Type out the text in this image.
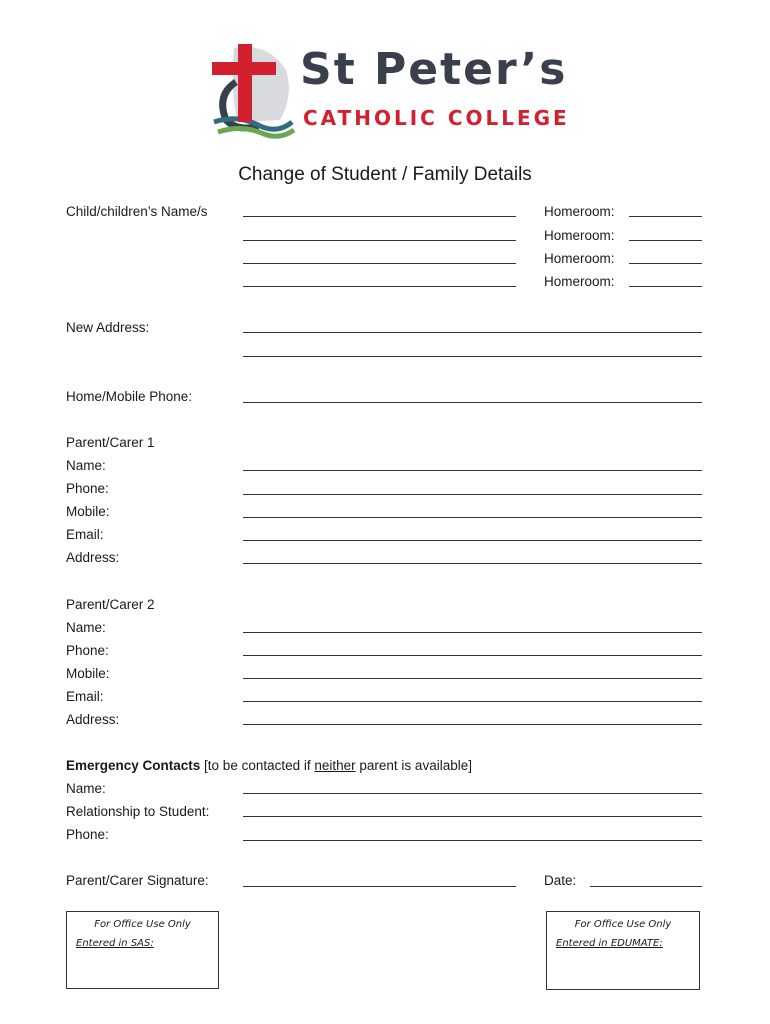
St Peter’s
CATHOLIC COLLEGE
Change of Student / Family Details
Child/children’s Name/s	Homeroom:
Homeroom:
Homeroom:
Homeroom:
New Address:
Home/Mobile Phone:
Parent/Carer 1
Name:
Phone:
Mobile:
Email:
Address:
Parent/Carer 2
Name:
Phone:
Mobile:
Email:
Address:
Emergency Contacts [to be contacted if neither parent is available]
Name:
Relationship to Student:
Phone:
Parent/Carer Signature:	Date:
For Office Use Only
Entered in SAS:
For Office Use Only
Entered in EDUMATE:
